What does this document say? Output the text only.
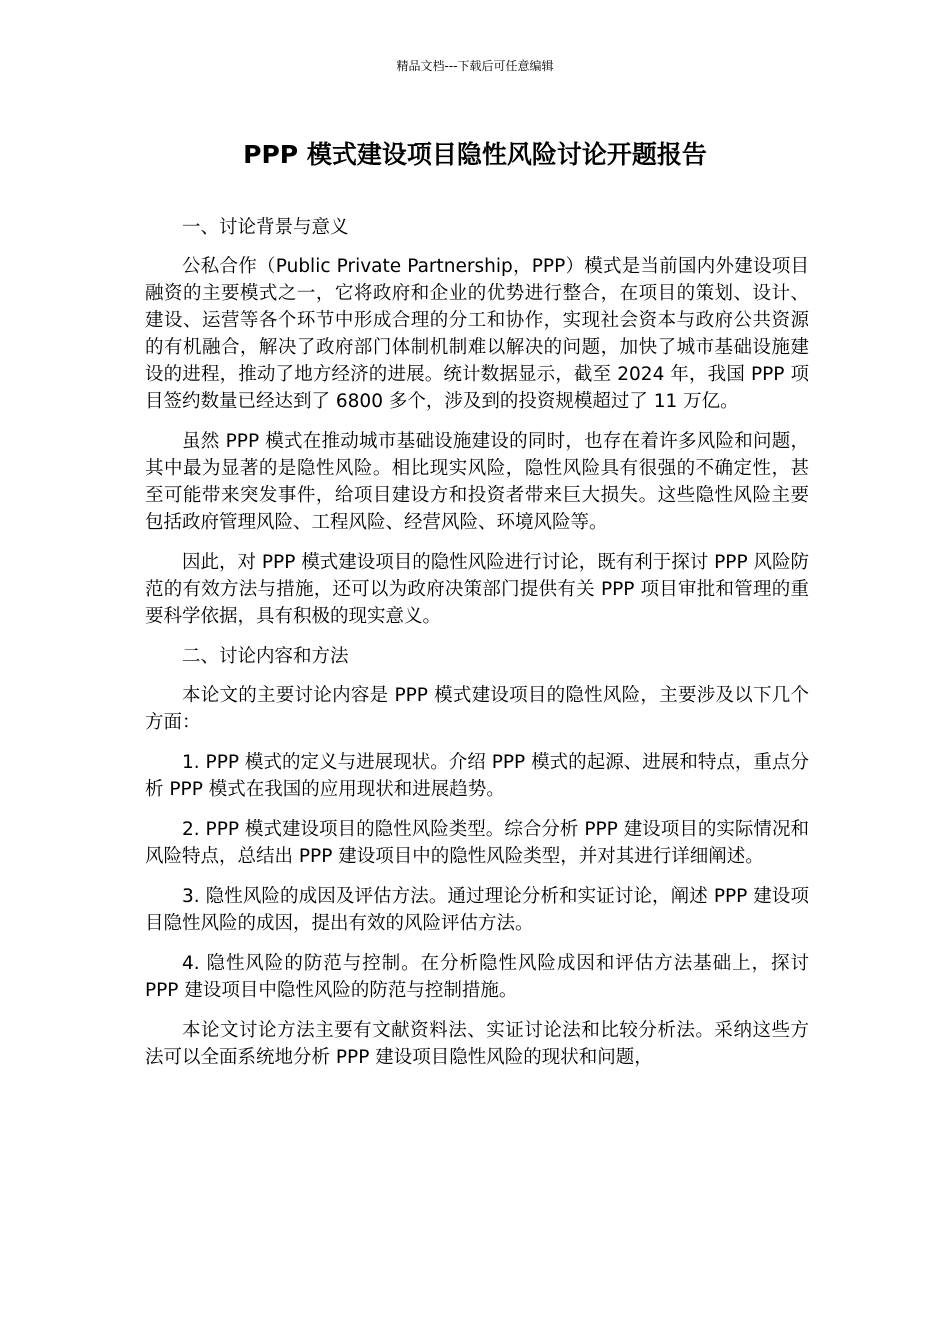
精品文档---下载后可任意编辑
PPP 模式建设项目隐性风险讨论开题报告

一、讨论背景与意义

公私合作（Public Private Partnership，PPP）模式是当前国内外建设项目融资的主要模式之一，它将政府和企业的优势进行整合，在项目的策划、设计、建设、运营等各个环节中形成合理的分工和协作，实现社会资本与政府公共资源的有机融合，解决了政府部门体制机制难以解决的问题，加快了城市基础设施建设的进程，推动了地方经济的进展。统计数据显示，截至 2024 年，我国 PPP 项目签约数量已经达到了 6800 多个，涉及到的投资规模超过了 11 万亿。

虽然 PPP 模式在推动城市基础设施建设的同时，也存在着许多风险和问题，其中最为显著的是隐性风险。相比现实风险，隐性风险具有很强的不确定性，甚至可能带来突发事件，给项目建设方和投资者带来巨大损失。这些隐性风险主要包括政府管理风险、工程风险、经营风险、环境风险等。

因此，对 PPP 模式建设项目的隐性风险进行讨论，既有利于探讨 PPP 风险防范的有效方法与措施，还可以为政府决策部门提供有关 PPP 项目审批和管理的重要科学依据，具有积极的现实意义。

二、讨论内容和方法

本论文的主要讨论内容是 PPP 模式建设项目的隐性风险，主要涉及以下几个方面：

1. PPP 模式的定义与进展现状。介绍 PPP 模式的起源、进展和特点，重点分析 PPP 模式在我国的应用现状和进展趋势。

2. PPP 模式建设项目的隐性风险类型。综合分析 PPP 建设项目的实际情况和风险特点，总结出 PPP 建设项目中的隐性风险类型，并对其进行详细阐述。

3. 隐性风险的成因及评估方法。通过理论分析和实证讨论，阐述 PPP 建设项目隐性风险的成因，提出有效的风险评估方法。

4. 隐性风险的防范与控制。在分析隐性风险成因和评估方法基础上，探讨 PPP 建设项目中隐性风险的防范与控制措施。

本论文讨论方法主要有文献资料法、实证讨论法和比较分析法。采纳这些方法可以全面系统地分析 PPP 建设项目隐性风险的现状和问题，
